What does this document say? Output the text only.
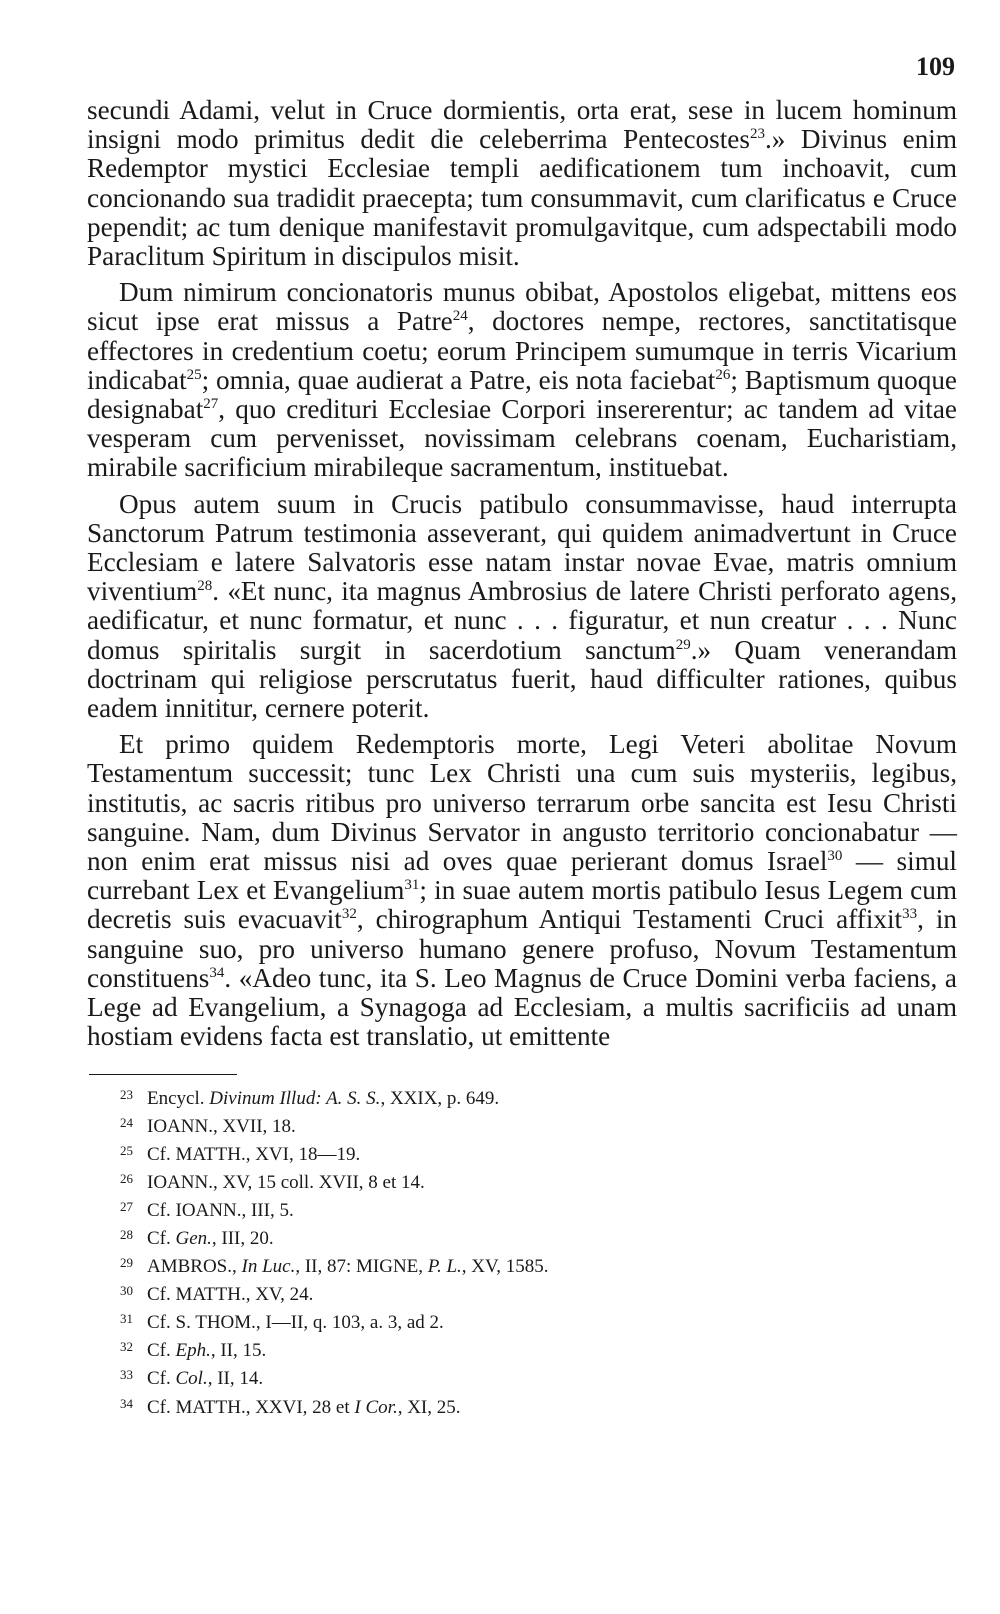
109

secundi Adami, velut in Cruce dormientis, orta erat, sese in lucem hominum insigni modo primitus dedit die celeberrima Pentecostes$^{23}$.» Divinus enim Redemptor mystici Ecclesiae templi aedificationem tum inchoavit, cum concionando sua tradidit praecepta; tum consummavit, cum clarificatus e Cruce pependit; ac tum denique manifestavit promulgavitque, cum adspectabili modo Paraclitum Spiritum in discipulos misit.

Dum nimirum concionatoris munus obibat, Apostolos eligebat, mittens eos sicut ipse erat missus a Patre$^{24}$, doctores nempe, rectores, sanctitatisque effectores in credentium coetu; eorum Principem sumumque in terris Vicarium indicabat$^{25}$; omnia, quae audierat a Patre, eis nota faciebat$^{26}$; Baptismum quoque designabat$^{27}$, quo credituri Ecclesiae Corpori insererentur; ac tandem ad vitae vesperam cum pervenisset, novissimam celebrans coenam, Eucharistiam, mirabile sacrificium mirabileque sacramentum, instituebat.

Opus autem suum in Crucis patibulo consummavisse, haud interrupta Sanctorum Patrum testimonia asseverant, qui quidem animadvertunt in Cruce Ecclesiam e latere Salvatoris esse natam instar novae Evae, matris omnium viventium$^{28}$. «Et nunc, ita magnus Ambrosius de latere Christi perforato agens, aedificatur, et nunc formatur, et nunc . . . figuratur, et nun creatur . . . Nunc domus spiritalis surgit in sacerdotium sanctum$^{29}$.» Quam venerandam doctrinam qui religiose perscrutatus fuerit, haud difficulter rationes, quibus eadem innititur, cernere poterit.

Et primo quidem Redemptoris morte, Legi Veteri abolitae Novum Testamentum successit; tunc Lex Christi una cum suis mysteriis, legibus, institutis, ac sacris ritibus pro universo terrarum orbe sancita est Iesu Christi sanguine. Nam, dum Divinus Servator in angusto territorio concionabatur — non enim erat missus nisi ad oves quae perierant domus Israel$^{30}$ — simul currebant Lex et Evangelium$^{31}$; in suae autem mortis patibulo Iesus Legem cum decretis suis evacuavit$^{32}$, chirographum Antiqui Testamenti Cruci affixit$^{33}$, in sanguine suo, pro universo humano genere profuso, Novum Testamentum constituens$^{34}$. «Adeo tunc, ita S. Leo Magnus de Cruce Domini verba faciens, a Lege ad Evangelium, a Synagoga ad Ecclesiam, a multis sacrificiis ad unam hostiam evidens facta est translatio, ut emittente

23 Encycl. Divinum Illud: A. S. S., XXIX, p. 649.
24 IOANN., XVII, 18.
25 Cf. MATTH., XVI, 18—19.
26 IOANN., XV, 15 coll. XVII, 8 et 14.
27 Cf. IOANN., III, 5.
28 Cf. Gen., III, 20.
29 AMBROS., In Luc., II, 87: MIGNE, P. L., XV, 1585.
30 Cf. MATTH., XV, 24.
31 Cf. S. THOM., I—II, q. 103, a. 3, ad 2.
32 Cf. Eph., II, 15.
33 Cf. Col., II, 14.
34 Cf. MATTH., XXVI, 28 et I Cor., XI, 25.
